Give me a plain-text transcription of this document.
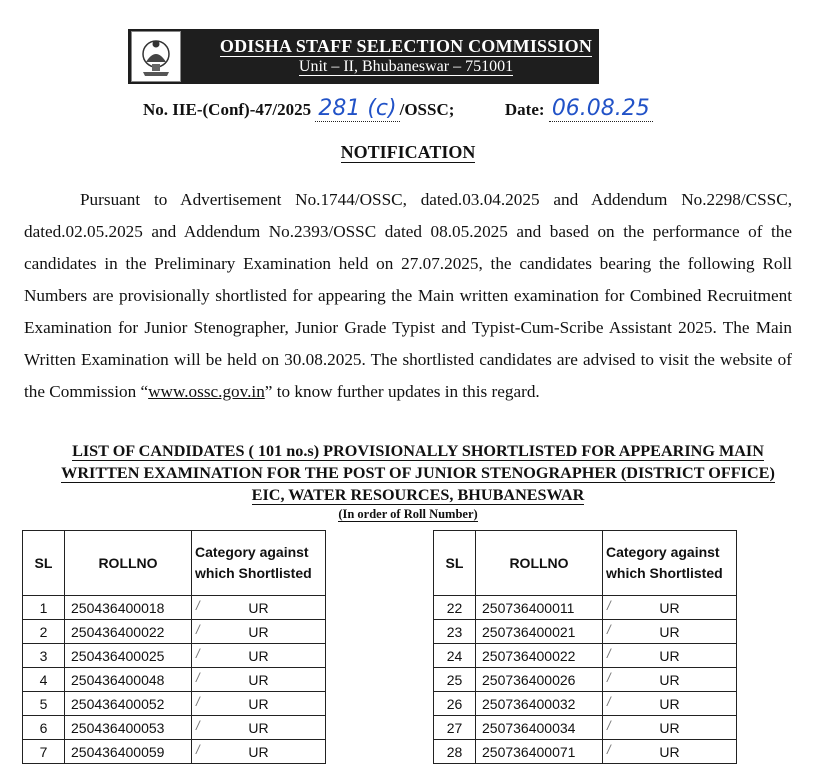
ODISHA STAFF SELECTION COMMISSION
Unit – II, Bhubaneswar – 751001
No. IIE-(Conf)-47/2025 281 (c) /OSSC;	Date: 06.08.25
NOTIFICATION
Pursuant to Advertisement No.1744/OSSC, dated.03.04.2025 and Addendum No.2298/CSSC, dated.02.05.2025 and Addendum No.2393/OSSC dated 08.05.2025 and based on the performance of the candidates in the Preliminary Examination held on 27.07.2025, the candidates bearing the following Roll Numbers are provisionally shortlisted for appearing the Main written examination for Combined Recruitment Examination for Junior Stenographer, Junior Grade Typist and Typist-Cum-Scribe Assistant 2025. The Main Written Examination will be held on 30.08.2025. The shortlisted candidates are advised to visit the website of the Commission “www.ossc.gov.in” to know further updates in this regard.
LIST OF CANDIDATES ( 101 no.s) PROVISIONALLY SHORTLISTED FOR APPEARING MAIN
WRITTEN EXAMINATION FOR THE POST OF JUNIOR STENOGRAPHER (DISTRICT OFFICE)
EIC, WATER RESOURCES, BHUBANESWAR
(In order of Roll Number)
SL	ROLLNO	Category against which Shortlisted
1	250436400018	/ UR
2	250436400022	/ UR
3	250436400025	/ UR
4	250436400048	/ UR
5	250436400052	/ UR
6	250436400053	/ UR
7	250436400059	/ UR
SL	ROLLNO	Category against which Shortlisted
22	250736400011	/ UR
23	250736400021	/ UR
24	250736400022	/ UR
25	250736400026	/ UR
26	250736400032	/ UR
27	250736400034	/ UR
28	250736400071	/ UR
